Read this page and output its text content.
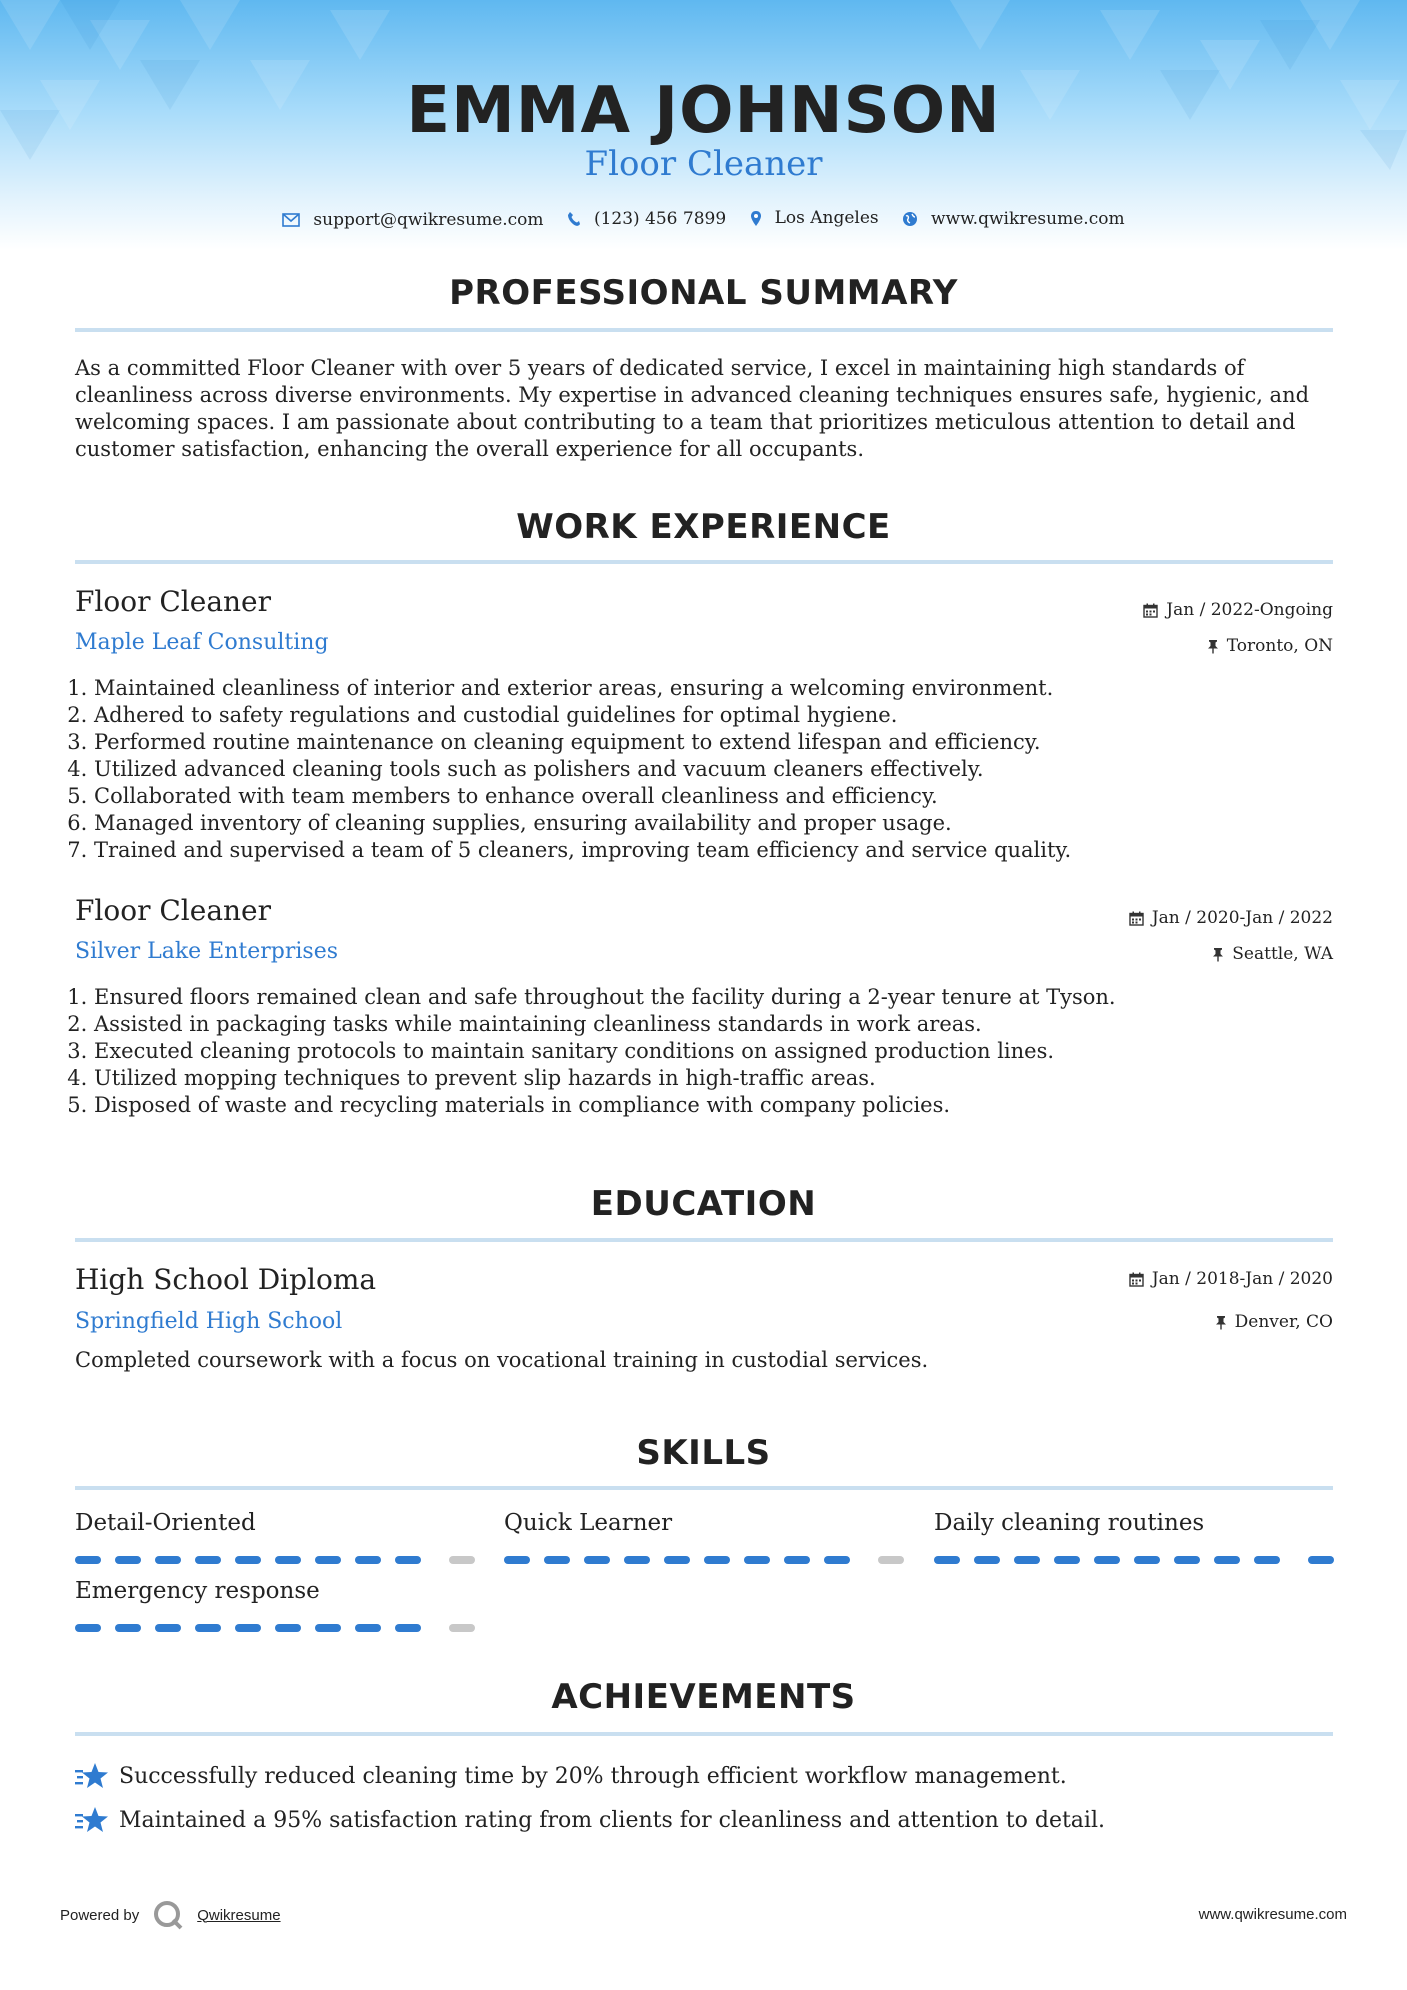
EMMA JOHNSON
Floor Cleaner
support@qwikresume.com
	(123) 456 7899
	Los Angeles
	www.qwikresume.com
PROFESSIONAL SUMMARY
As a committed Floor Cleaner with over 5 years of dedicated service, I excel in maintaining high standards of cleanliness across diverse environments. My expertise in advanced cleaning techniques ensures safe, hygienic, and welcoming spaces. I am passionate about contributing to a team that prioritizes meticulous attention to detail and customer satisfaction, enhancing the overall experience for all occupants.
WORK EXPERIENCE
Floor Cleaner	Jan / 2022-Ongoing
Maple Leaf Consulting	Toronto, ON
1. Maintained cleanliness of interior and exterior areas, ensuring a welcoming environment.
2. Adhered to safety regulations and custodial guidelines for optimal hygiene.
3. Performed routine maintenance on cleaning equipment to extend lifespan and efficiency.
4. Utilized advanced cleaning tools such as polishers and vacuum cleaners effectively.
5. Collaborated with team members to enhance overall cleanliness and efficiency.
6. Managed inventory of cleaning supplies, ensuring availability and proper usage.
7. Trained and supervised a team of 5 cleaners, improving team efficiency and service quality.
Floor Cleaner	Jan / 2020-Jan / 2022
Silver Lake Enterprises	Seattle, WA
1. Ensured floors remained clean and safe throughout the facility during a 2-year tenure at Tyson.
2. Assisted in packaging tasks while maintaining cleanliness standards in work areas.
3. Executed cleaning protocols to maintain sanitary conditions on assigned production lines.
4. Utilized mopping techniques to prevent slip hazards in high-traffic areas.
5. Disposed of waste and recycling materials in compliance with company policies.
EDUCATION
High School Diploma	Jan / 2018-Jan / 2020
Springfield High School	Denver, CO
Completed coursework with a focus on vocational training in custodial services.
SKILLS
Detail-Oriented	Quick Learner	Daily cleaning routines
Emergency response
ACHIEVEMENTS
Successfully reduced cleaning time by 20% through efficient workflow management.
Maintained a 95% satisfaction rating from clients for cleanliness and attention to detail.
Powered by	Qwikresume	www.qwikresume.com
